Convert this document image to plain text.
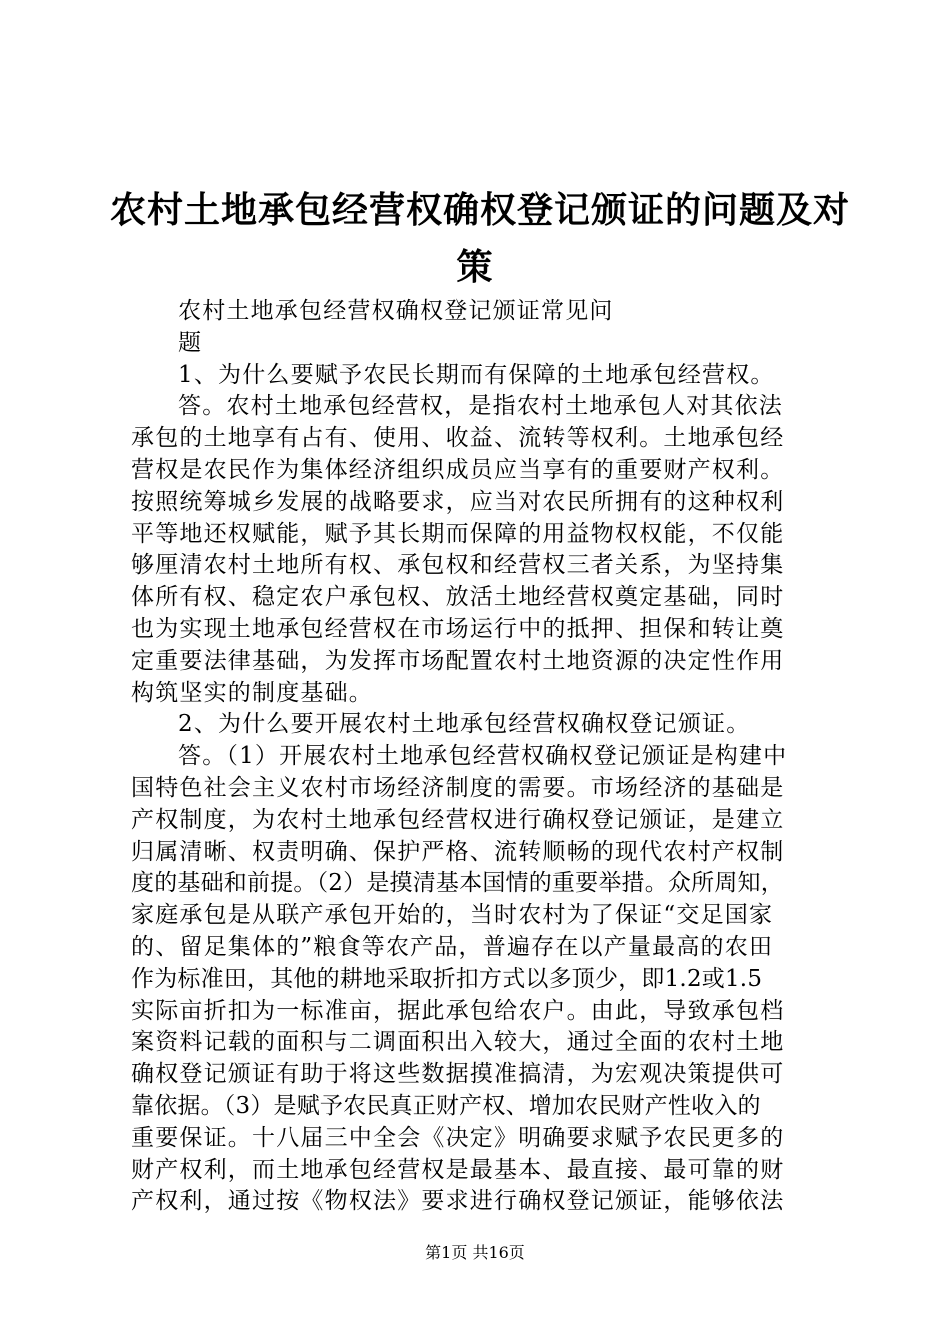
农村土地承包经营权确权登记颁证的问题及对
策
农村土地承包经营权确权登记颁证常见问
题
1、为什么要赋予农民长期而有保障的土地承包经营权。
答。农村土地承包经营权，是指农村土地承包人对其依法
承包的土地享有占有、使用、收益、流转等权利。土地承包经
营权是农民作为集体经济组织成员应当享有的重要财产权利。
按照统筹城乡发展的战略要求，应当对农民所拥有的这种权利
平等地还权赋能，赋予其长期而保障的用益物权权能，不仅能
够厘清农村土地所有权、承包权和经营权三者关系，为坚持集
体所有权、稳定农户承包权、放活土地经营权奠定基础，同时
也为实现土地承包经营权在市场运行中的抵押、担保和转让奠
定重要法律基础，为发挥市场配置农村土地资源的决定性作用
构筑坚实的制度基础。
2、为什么要开展农村土地承包经营权确权登记颁证。
答。（1）开展农村土地承包经营权确权登记颁证是构建中
国特色社会主义农村市场经济制度的需要。市场经济的基础是
产权制度，为农村土地承包经营权进行确权登记颁证，是建立
归属清晰、权责明确、保护严格、流转顺畅的现代农村产权制
度的基础和前提。（2）是摸清基本国情的重要举措。众所周知，
家庭承包是从联产承包开始的，当时农村为了保证“交足国家
的、留足集体的”粮食等农产品，普遍存在以产量最高的农田
作为标准田，其他的耕地采取折扣方式以多顶少，即1.2或1.5
实际亩折扣为一标准亩，据此承包给农户。由此，导致承包档
案资料记载的面积与二调面积出入较大，通过全面的农村土地
确权登记颁证有助于将这些数据摸准搞清，为宏观决策提供可
靠依据。（3）是赋予农民真正财产权、增加农民财产性收入的
重要保证。十八届三中全会《决定》明确要求赋予农民更多的
财产权利，而土地承包经营权是最基本、最直接、最可靠的财
产权利，通过按《物权法》要求进行确权登记颁证，能够依法
第1页 共16页
